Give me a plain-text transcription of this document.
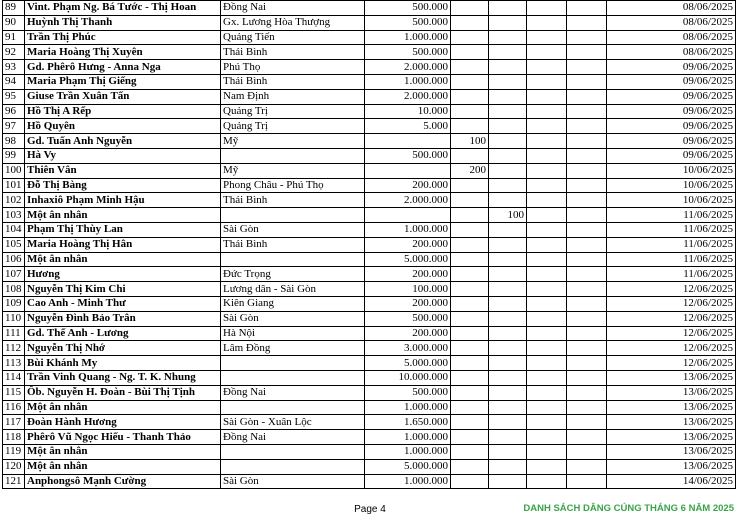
89	Vint. Phạm Ng. Bá Tước - Thị Hoan	Đồng Nai	500.000					08/06/2025
90	Huỳnh Thị Thanh	Gx. Lương Hòa Thượng	500.000					08/06/2025
91	Trần Thị Phúc	Quảng Tiến	1.000.000					08/06/2025
92	Maria Hoàng Thị Xuyên	Thái Bình	500.000					08/06/2025
93	Gd. Phêrô Hưng - Anna Nga	Phú Thọ	2.000.000					09/06/2025
94	Maria Phạm Thị Giếng	Thái Bình	1.000.000					09/06/2025
95	Giuse Trần Xuân Tấn	Nam Định	2.000.000					09/06/2025
96	Hồ Thị A Rếp	Quảng Trị	10.000					09/06/2025
97	Hồ Quyên	Quảng Trị	5.000					09/06/2025
98	Gd. Tuấn Anh Nguyễn	Mỹ		100				09/06/2025
99	Hà Vy		500.000					09/06/2025
100	Thiên Vân	Mỹ		200				10/06/2025
101	Đỗ Thị Bàng	Phong Châu - Phú Thọ	200.000					10/06/2025
102	Inhaxiô Phạm Minh Hậu	Thái Bình	2.000.000					10/06/2025
103	Một ân nhân				100			11/06/2025
104	Phạm Thị Thùy Lan	Sài Gòn	1.000.000					11/06/2025
105	Maria Hoàng Thị Hân	Thái Bình	200.000					11/06/2025
106	Một ân nhân		5.000.000					11/06/2025
107	Hương	Đức Trọng	200.000					11/06/2025
108	Nguyễn Thị Kim Chi	Lương dân - Sài Gòn	100.000					12/06/2025
109	Cao Anh - Minh Thư	Kiên Giang	200.000					12/06/2025
110	Nguyễn Đình Bảo Trân	Sài Gòn	500.000					12/06/2025
111	Gd. Thế Anh - Lương	Hà Nội	200.000					12/06/2025
112	Nguyễn Thị Nhớ	Lâm Đồng	3.000.000					12/06/2025
113	Bùi Khánh My		5.000.000					12/06/2025
114	Trần Vinh Quang - Ng. T. K. Nhung		10.000.000					13/06/2025
115	Ôb. Nguyễn H. Đoàn - Bùi Thị Tịnh	Đồng Nai	500.000					13/06/2025
116	Một ân nhân		1.000.000					13/06/2025
117	Đoàn Hành Hương	Sài Gòn - Xuân Lộc	1.650.000					13/06/2025
118	Phêrô Vũ Ngọc Hiếu - Thanh Thảo	Đồng Nai	1.000.000					13/06/2025
119	Một ân nhân		1.000.000					13/06/2025
120	Một ân nhân		5.000.000					13/06/2025
121	Anphongsô Mạnh Cường	Sài Gòn	1.000.000					14/06/2025
Page 4	DANH SÁCH DÂNG CÚNG THÁNG 6 NĂM 2025
